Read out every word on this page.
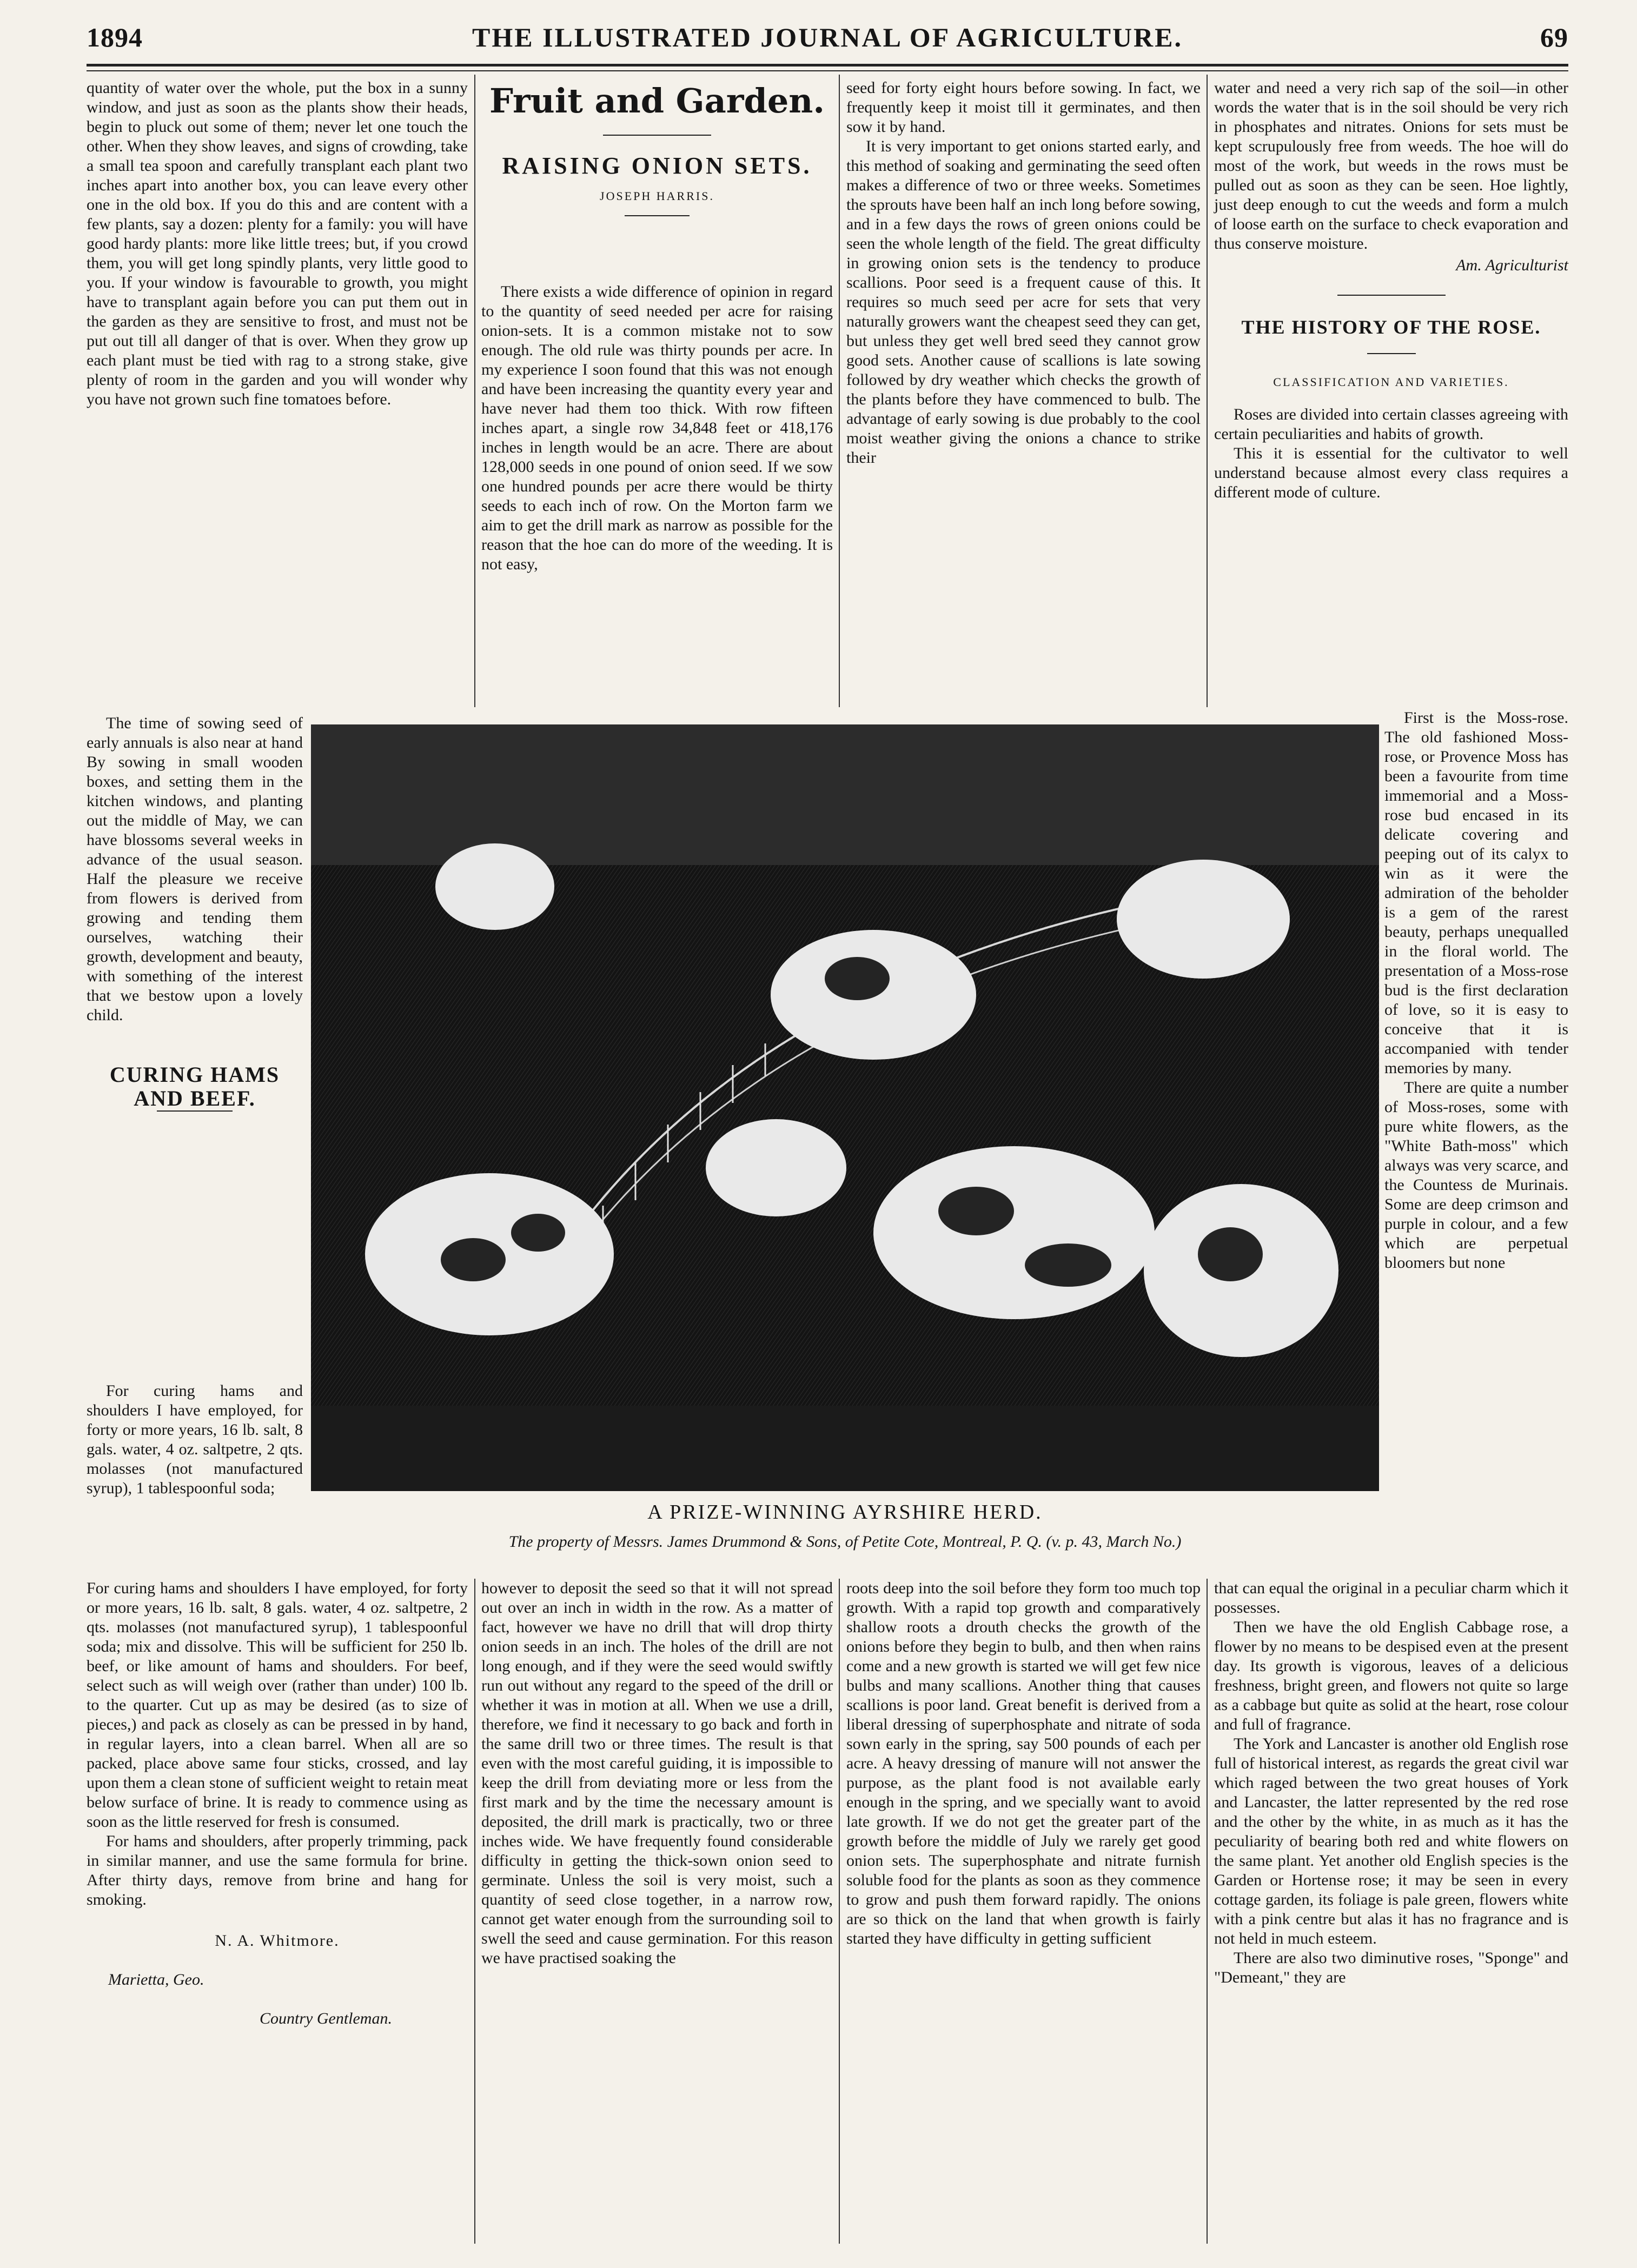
1894	THE ILLUSTRATED JOURNAL OF AGRICULTURE.	69

quantity of water over the whole, put the box in a sunny window, and just as soon as the plants show their heads, begin to pluck out some of them; never let one touch the other. When they show leaves, and signs of crowding, take a small tea spoon and carefully transplant each plant two inches apart into another box, you can leave every other one in the old box. If you do this and are content with a few plants, say a dozen: plenty for a family: you will have good hardy plants: more like little trees; but, if you crowd them, you will get long spindly plants, very little good to you. If your window is favourable to growth, you might have to transplant again before you can put them out in the garden as they are sensitive to frost, and must not be put out till all danger of that is over. When they grow up each plant must be tied with rag to a strong stake, give plenty of room in the garden and you will wonder why you have not grown such fine tomatoes before.

The time of sowing seed of early annuals is also near at hand By sowing in small wooden boxes, and setting them in the kitchen windows, and planting out the middle of May, we can have blossoms several weeks in advance of the usual season. Half the pleasure we receive from flowers is derived from growing and tending them ourselves, watching their growth, development and beauty, with something of the interest that we bestow upon a lovely child.

CURING HAMS AND BEEF.

For curing hams and shoulders I have employed, for forty or more years, 16 lb. salt, 8 gals. water, 4 oz. saltpetre, 2 qts. molasses (not manufactured syrup), 1 tablespoonful soda;

For curing hams and shoulders I have employed, for forty or more years, 16 lb. salt, 8 gals. water, 4 oz. saltpetre, 2 qts. molasses (not manufactured syrup), 1 tablespoonful soda; mix and dissolve. This will be sufficient for 250 lb. beef, or like amount of hams and shoulders. For beef, select such as will weigh over (rather than under) 100 lb. to the quarter. Cut up as may be desired (as to size of pieces,) and pack as closely as can be pressed in by hand, in regular layers, into a clean barrel. When all are so packed, place above same four sticks, crossed, and lay upon them a clean stone of sufficient weight to retain meat below surface of brine. It is ready to commence using as soon as the little reserved for fresh is consumed.

For hams and shoulders, after properly trimming, pack in similar manner, and use the same formula for brine. After thirty days, remove from brine and hang for smoking.

N. A. Whitmore.
Marietta, Geo.
Country Gentleman.
Fruit and Garden.
RAISING ONION SETS.
JOSEPH HARRIS.

There exists a wide difference of opinion in regard to the quantity of seed needed per acre for raising onion-sets. It is a common mistake not to sow enough. The old rule was thirty pounds per acre. In my experience I soon found that this was not enough and have been increasing the quantity every year and have never had them too thick. With row fifteen inches apart, a single row 34,848 feet or 418,176 inches in length would be an acre. There are about 128,000 seeds in one pound of onion seed. If we sow one hundred pounds per acre there would be thirty seeds to each inch of row. On the Morton farm we aim to get the drill mark as narrow as possible for the reason that the hoe can do more of the weeding. It is not easy,

however to deposit the seed so that it will not spread out over an inch in width in the row. As a matter of fact, however we have no drill that will drop thirty onion seeds in an inch. The holes of the drill are not long enough, and if they were the seed would swiftly run out without any regard to the speed of the drill or whether it was in motion at all. When we use a drill, therefore, we find it necessary to go back and forth in the same drill two or three times. The result is that even with the most careful guiding, it is impossible to keep the drill from deviating more or less from the first mark and by the time the necessary amount is deposited, the drill mark is practically, two or three inches wide. We have frequently found considerable difficulty in getting the thick-sown onion seed to germinate. Unless the soil is very moist, such a quantity of seed close together, in a narrow row, cannot get water enough from the surrounding soil to swell the seed and cause germination. For this reason we have practised soaking the

seed for forty eight hours before sowing. In fact, we frequently keep it moist till it germinates, and then sow it by hand.

It is very important to get onions started early, and this method of soaking and germinating the seed often makes a difference of two or three weeks. Sometimes the sprouts have been half an inch long before sowing, and in a few days the rows of green onions could be seen the whole length of the field. The great difficulty in growing onion sets is the tendency to produce scallions. Poor seed is a frequent cause of this. It requires so much seed per acre for sets that very naturally growers want the cheapest seed they can get, but unless they get well bred seed they cannot grow good sets. Another cause of scallions is late sowing followed by dry weather which checks the growth of the plants before they have commenced to bulb. The advantage of early sowing is due probably to the cool moist weather giving the onions a chance to strike their

roots deep into the soil before they form too much top growth. With a rapid top growth and comparatively shallow roots a drouth checks the growth of the onions before they begin to bulb, and then when rains come and a new growth is started we will get few nice bulbs and many scallions. Another thing that causes scallions is poor land. Great benefit is derived from a liberal dressing of superphosphate and nitrate of soda sown early in the spring, say 500 pounds of each per acre. A heavy dressing of manure will not answer the purpose, as the plant food is not available early enough in the spring, and we specially want to avoid late growth. If we do not get the greater part of the growth before the middle of July we rarely get good onion sets. The superphosphate and nitrate furnish soluble food for the plants as soon as they commence to grow and push them forward rapidly. The onions are so thick on the land that when growth is fairly started they have difficulty in getting sufficient

water and need a very rich sap of the soil—in other words the water that is in the soil should be very rich in phosphates and nitrates. Onions for sets must be kept scrupulously free from weeds. The hoe will do most of the work, but weeds in the rows must be pulled out as soon as they can be seen. Hoe lightly, just deep enough to cut the weeds and form a mulch of loose earth on the surface to check evaporation and thus conserve moisture.

Am. Agriculturist
THE HISTORY OF THE ROSE.
CLASSIFICATION AND VARIETIES.

Roses are divided into certain classes agreeing with certain peculiarities and habits of growth.

This it is essential for the cultivator to well understand because almost every class requires a different mode of culture.

First is the Moss-rose. The old fashioned Moss-rose, or Provence Moss has been a favourite from time immemorial and a Moss-rose bud encased in its delicate covering and peeping out of its calyx to win as it were the admiration of the beholder is a gem of the rarest beauty, perhaps unequalled in the floral world. The presentation of a Moss-rose bud is the first declaration of love, so it is easy to conceive that it is accompanied with tender memories by many.

There are quite a number of Moss-roses, some with pure white flowers, as the "White Bath-moss" which always was very scarce, and the Countess de Murinais. Some are deep crimson and purple in colour, and a few which are perpetual bloomers but none

that can equal the original in a peculiar charm which it possesses.

Then we have the old English Cabbage rose, a flower by no means to be despised even at the present day. Its growth is vigorous, leaves of a delicious freshness, bright green, and flowers not quite so large as a cabbage but quite as solid at the heart, rose colour and full of fragrance.

The York and Lancaster is another old English rose full of historical interest, as regards the great civil war which raged between the two great houses of York and Lancaster, the latter represented by the red rose and the other by the white, in as much as it has the peculiarity of bearing both red and white flowers on the same plant. Yet another old English species is the Garden or Hortense rose; it may be seen in every cottage garden, its foliage is pale green, flowers white with a pink centre but alas it has no fragrance and is not held in much esteem.

There are also two diminutive roses, "Sponge" and "Demeant," they are

A PRIZE-WINNING AYRSHIRE HERD.
The property of Messrs. James Drummond & Sons, of Petite Cote, Montreal, P. Q. (v. p. 43, March No.)
